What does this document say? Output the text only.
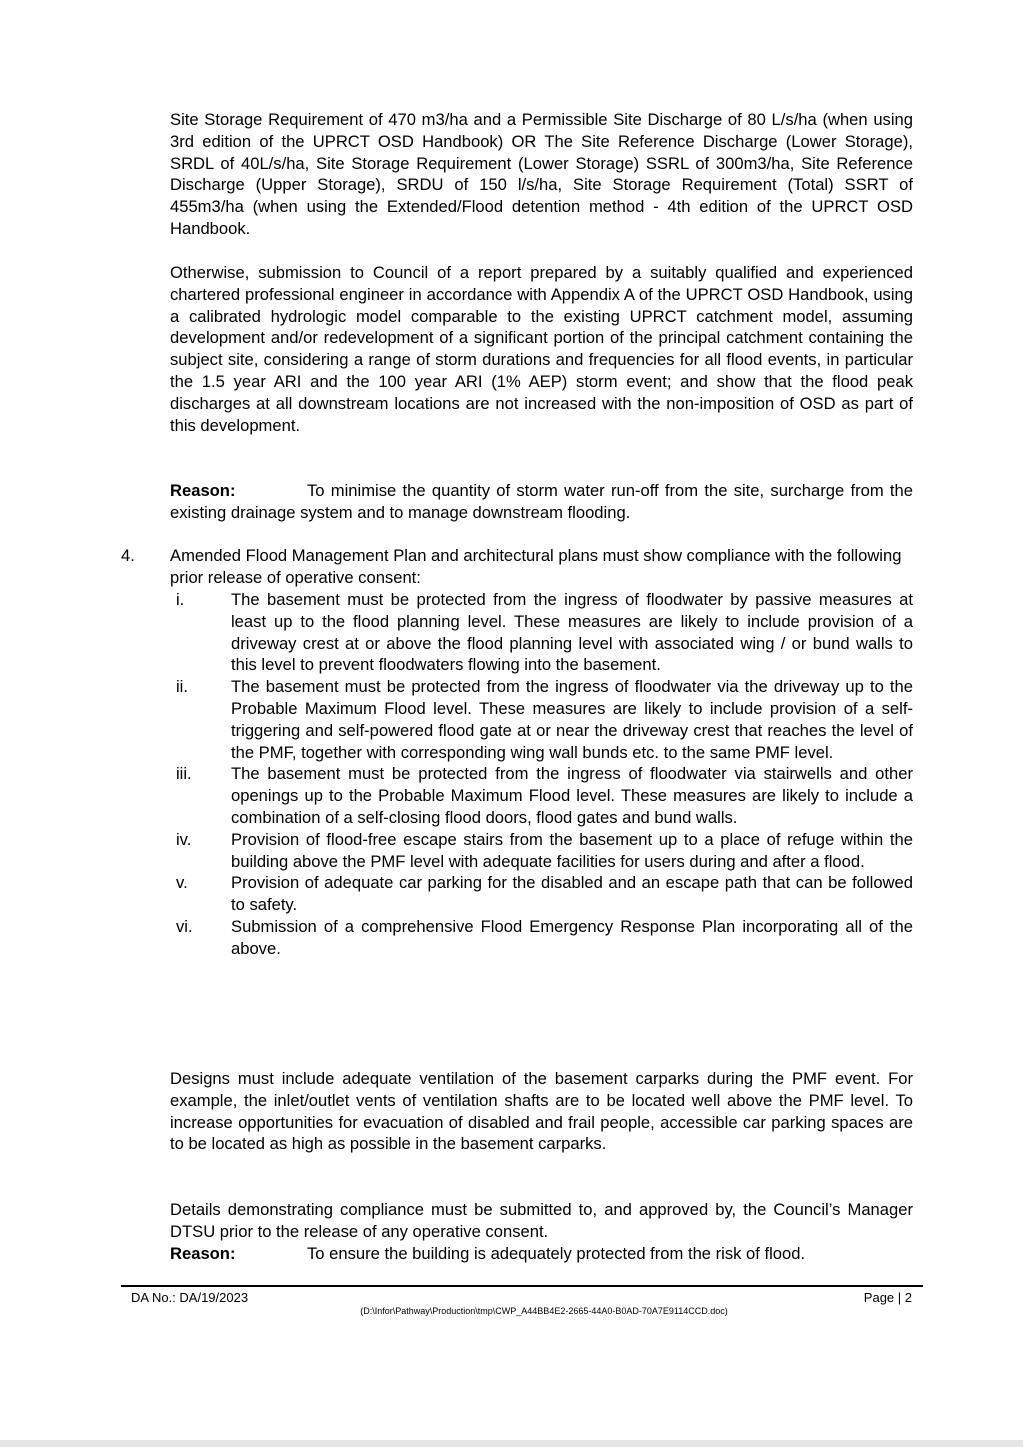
Site Storage Requirement of 470 m3/ha and a Permissible Site Discharge of 80 L/s/ha (when using 3rd edition of the UPRCT OSD Handbook) OR The Site Reference Discharge (Lower Storage), SRDL of 40L/s/ha, Site Storage Requirement (Lower Storage) SSRL of 300m3/ha, Site Reference Discharge (Upper Storage), SRDU of 150 l/s/ha, Site Storage Requirement (Total) SSRT of 455m3/ha (when using the Extended/Flood detention method - 4th edition of the UPRCT OSD Handbook.

Otherwise, submission to Council of a report prepared by a suitably qualified and experienced chartered professional engineer in accordance with Appendix A of the UPRCT OSD Handbook, using a calibrated hydrologic model comparable to the existing UPRCT catchment model, assuming development and/or redevelopment of a significant portion of the principal catchment containing the subject site, considering a range of storm durations and frequencies for all flood events, in particular the 1.5 year ARI and the 100 year ARI (1% AEP) storm event; and show that the flood peak discharges at all downstream locations are not increased with the non-imposition of OSD as part of this development.

Reason:	To minimise the quantity of storm water run-off from the site, surcharge from the existing drainage system and to manage downstream flooding.

4. Amended Flood Management Plan and architectural plans must show compliance with the following prior release of operative consent:

i.	The basement must be protected from the ingress of floodwater by passive measures at least up to the flood planning level. These measures are likely to include provision of a driveway crest at or above the flood planning level with associated wing / or bund walls to this level to prevent floodwaters flowing into the basement.
ii.	The basement must be protected from the ingress of floodwater via the driveway up to the Probable Maximum Flood level. These measures are likely to include provision of a self-triggering and self-powered flood gate at or near the driveway crest that reaches the level of the PMF, together with corresponding wing wall bunds etc. to the same PMF level.
iii.	The basement must be protected from the ingress of floodwater via stairwells and other openings up to the Probable Maximum Flood level. These measures are likely to include a combination of a self-closing flood doors, flood gates and bund walls.
iv.	Provision of flood-free escape stairs from the basement up to a place of refuge within the building above the PMF level with adequate facilities for users during and after a flood.
v.	Provision of adequate car parking for the disabled and an escape path that can be followed to safety.
vi.	Submission of a comprehensive Flood Emergency Response Plan incorporating all of the above.

Designs must include adequate ventilation of the basement carparks during the PMF event. For example, the inlet/outlet vents of ventilation shafts are to be located well above the PMF level. To increase opportunities for evacuation of disabled and frail people, accessible car parking spaces are to be located as high as possible in the basement carparks.

Details demonstrating compliance must be submitted to, and approved by, the Council’s Manager DTSU prior to the release of any operative consent.

Reason:	To ensure the building is adequately protected from the risk of flood.

DA No.: DA/19/2023	Page | 2
(D:\Infor\Pathway\Production\tmp\CWP_A44BB4E2-2665-44A0-B0AD-70A7E9114CCD.doc)
